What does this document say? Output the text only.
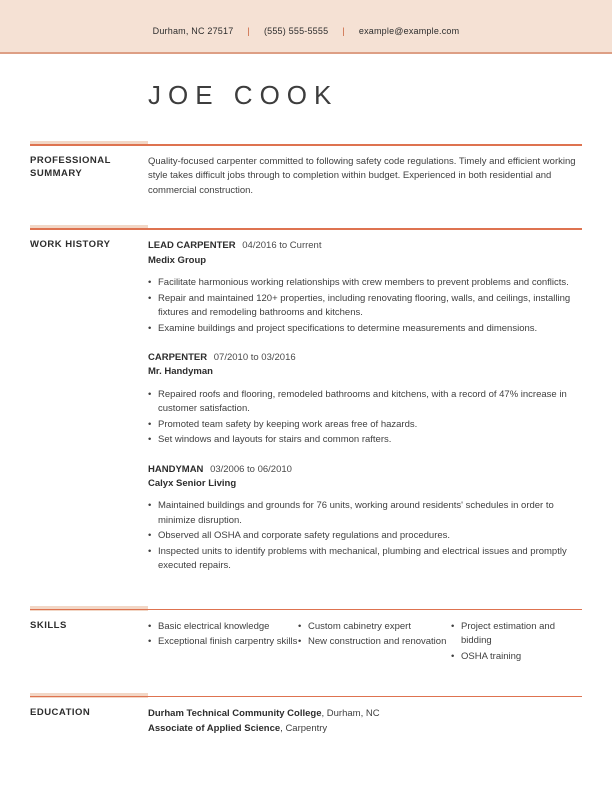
Durham, NC 27517 | (555) 555-5555 | example@example.com
JOE COOK
PROFESSIONAL SUMMARY
Quality-focused carpenter committed to following safety code regulations. Timely and efficient working style takes difficult jobs through to completion within budget. Experienced in both residential and commercial construction.
WORK HISTORY	LEAD CARPENTER 04/2016 to Current
Medix Group
• Facilitate harmonious working relationships with crew members to prevent problems and conflicts.
• Repair and maintained 120+ properties, including renovating flooring, walls, and ceilings, installing fixtures and remodeling bathrooms and kitchens.
• Examine buildings and project specifications to determine measurements and dimensions.
CARPENTER 07/2010 to 03/2016
Mr. Handyman
• Repaired roofs and flooring, remodeled bathrooms and kitchens, with a record of 47% increase in customer satisfaction.
• Promoted team safety by keeping work areas free of hazards.
• Set windows and layouts for stairs and common rafters.
HANDYMAN 03/2006 to 06/2010
Calyx Senior Living
• Maintained buildings and grounds for 76 units, working around residents' schedules in order to minimize disruption.
• Observed all OSHA and corporate safety regulations and procedures.
• Inspected units to identify problems with mechanical, plumbing and electrical issues and promptly executed repairs.
SKILLS	• Basic electrical knowledge
• Exceptional finish carpentry skills
• Custom cabinetry expert
• New construction and renovation
• Project estimation and bidding
• OSHA training
EDUCATION	Durham Technical Community College, Durham, NC
Associate of Applied Science, Carpentry
